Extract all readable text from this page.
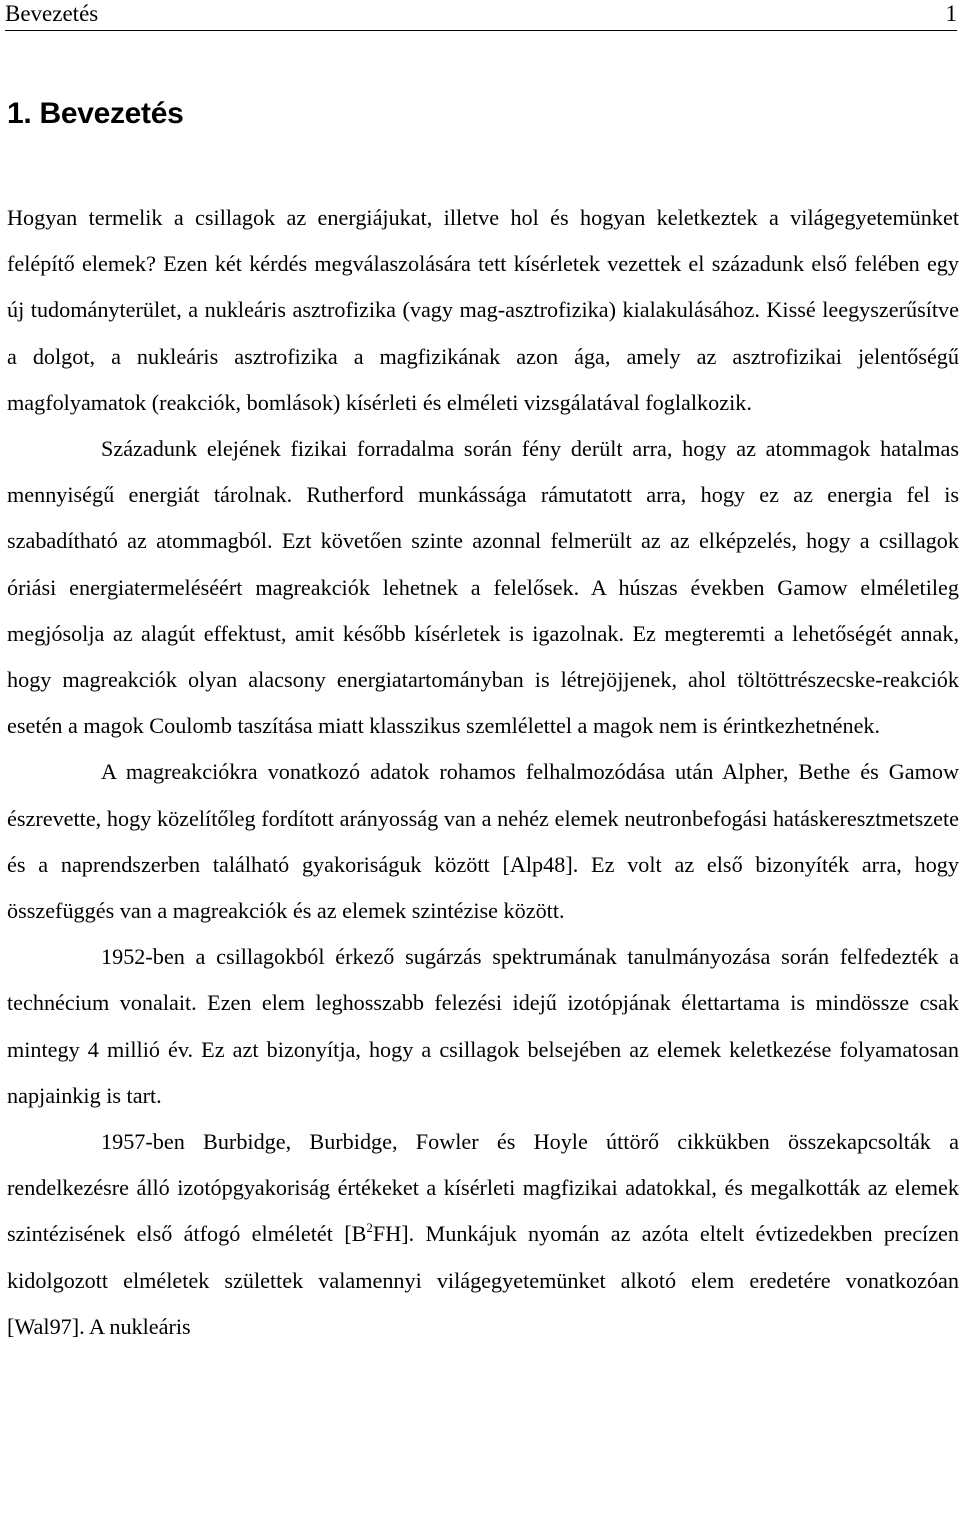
Bevezetés	1
1. Bevezetés

Hogyan termelik a csillagok az energiájukat, illetve hol és hogyan keletkeztek a világegyetemünket felépítő elemek? Ezen két kérdés megválaszolására tett kísérletek vezettek el századunk első felében egy új tudományterület, a nukleáris asztrofizika (vagy mag-asztrofizika) kialakulásához. Kissé leegyszerűsítve a dolgot, a nukleáris asztrofizika a magfizikának azon ága, amely az asztrofizikai jelentőségű magfolyamatok (reakciók, bomlások) kísérleti és elméleti vizsgálatával foglalkozik.

Századunk elejének fizikai forradalma során fény derült arra, hogy az atommagok hatalmas mennyiségű energiát tárolnak. Rutherford munkássága rámutatott arra, hogy ez az energia fel is szabadítható az atommagból. Ezt követően szinte azonnal felmerült az az elképzelés, hogy a csillagok óriási energiatermeléséért magreakciók lehetnek a felelősek. A húszas években Gamow elméletileg megjósolja az alagút effektust, amit később kísérletek is igazolnak. Ez megteremti a lehetőségét annak, hogy magreakciók olyan alacsony energiatartományban is létrejöjjenek, ahol töltöttrészecske-reakciók esetén a magok Coulomb taszítása miatt klasszikus szemlélettel a magok nem is érintkezhetnének.

A magreakciókra vonatkozó adatok rohamos felhalmozódása után Alpher, Bethe és Gamow észrevette, hogy közelítőleg fordított arányosság van a nehéz elemek neutronbefogási hatáskeresztmetszete és a naprendszerben található gyakoriságuk között [Alp48]. Ez volt az első bizonyíték arra, hogy összefüggés van a magreakciók és az elemek szintézise között.

1952-ben a csillagokból érkező sugárzás spektrumának tanulmányozása során felfedezték a technécium vonalait. Ezen elem leghosszabb felezési idejű izotópjának élettartama is mindössze csak mintegy 4 millió év. Ez azt bizonyítja, hogy a csillagok belsejében az elemek keletkezése folyamatosan napjainkig is tart.

1957-ben Burbidge, Burbidge, Fowler és Hoyle úttörő cikkükben összekapcsolták a rendelkezésre álló izotópgyakoriság értékeket a kísérleti magfizikai adatokkal, és megalkották az elemek szintézisének első átfogó elméletét $[B^2FH]$. Munkájuk nyomán az azóta eltelt évtizedekben precízen kidolgozott elméletek születtek valamennyi világegyetemünket alkotó elem eredetére vonatkozóan [Wal97]. A nukleáris
